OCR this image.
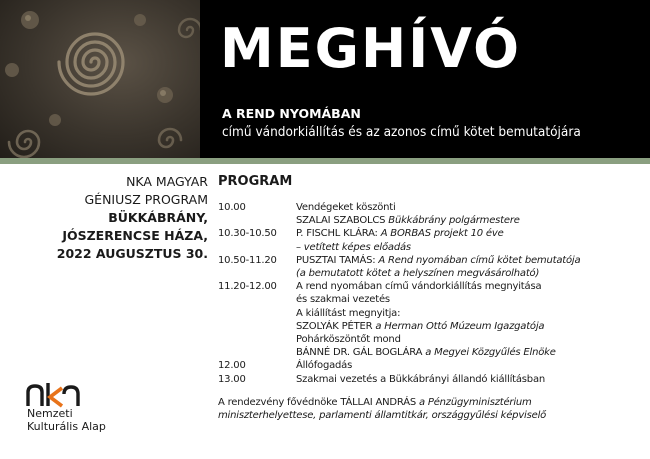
MEGHÍVÓ
A REND NYOMÁBAN
című vándorkiállítás és az azonos című kötet bemutatójára
NKA MAGYAR
GÉNIUSZ PROGRAM
BÜKKÁBRÁNY,
JÓSZERENCSE HÁZA,
2022 AUGUSZTUS 30.
PROGRAM
10.00	Vendégeket köszönti
SZALAI SZABOLCS Bükkábrány polgármestere
10.30-10.50	P. FISCHL KLÁRA: A BORBAS projekt 10 éve
– vetített képes előadás
10.50-11.20	PUSZTAI TAMÁS: A Rend nyomában című kötet bemutatója
(a bemutatott kötet a helyszínen megvásárolható)
11.20-12.00	A rend nyomában című vándorkiállítás megnyitása
és szakmai vezetés
A kiállítást megnyitja:
SZOLYÁK PÉTER a Herman Ottó Múzeum Igazgatója
Pohárköszöntőt mond
BÁNNÉ DR. GÁL BOGLÁRA a Megyei Közgyűlés Elnöke
12.00	Állófogadás
13.00	Szakmai vezetés a Bükkábrányi állandó kiállításban
A rendezvény fővédnöke TÁLLAI ANDRÁS a Pénzügyminisztérium
miniszterhelyettese, parlamenti államtitkár, országgyűlési képviselő
Nemzeti
Kulturális Alap
